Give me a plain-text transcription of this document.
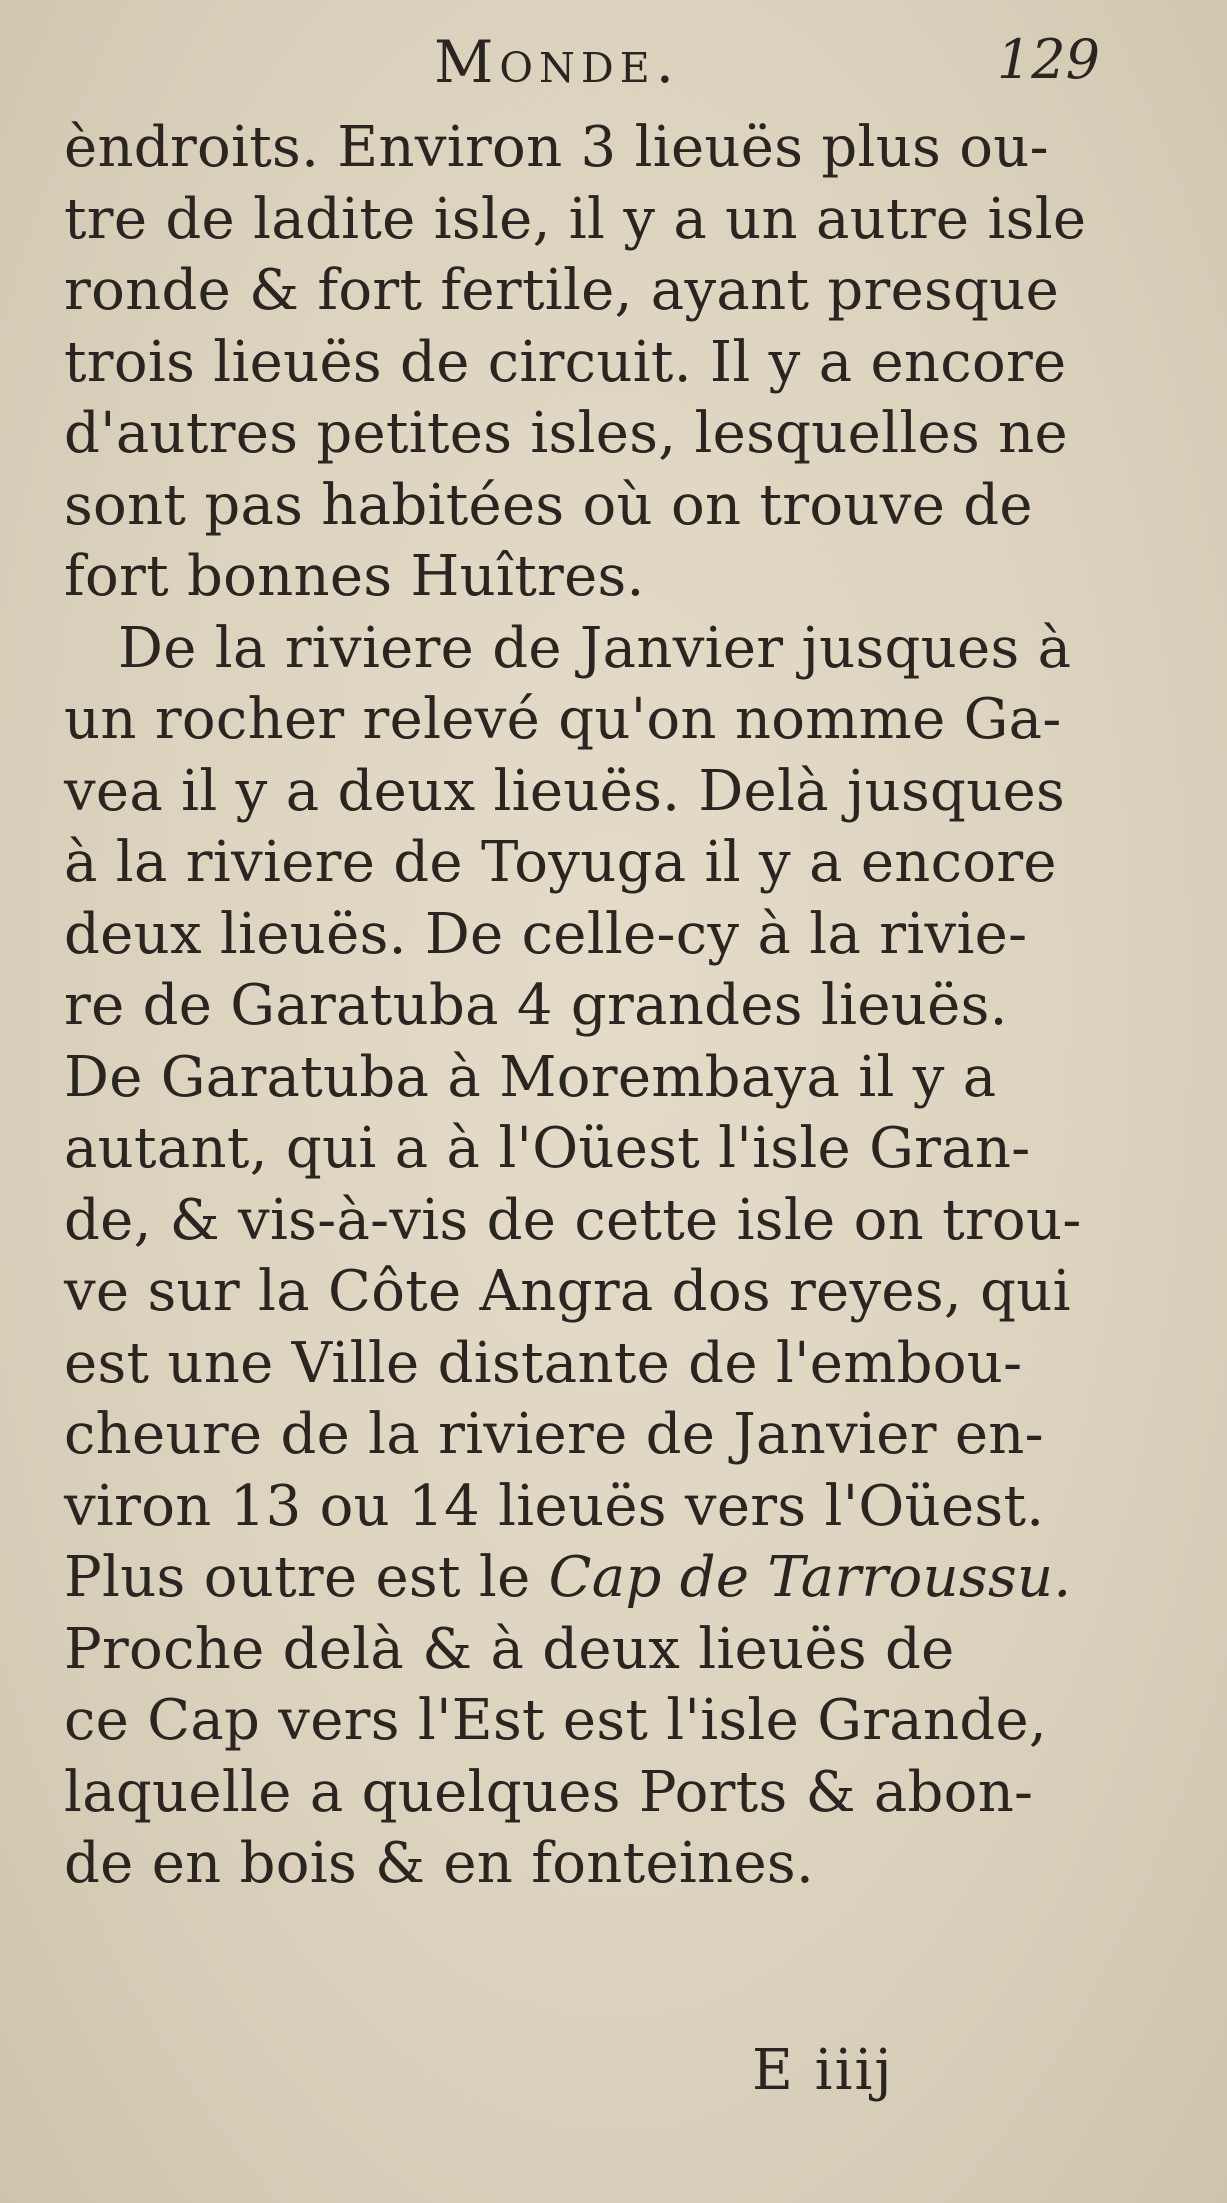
Monde.	129
èndroits. Environ 3 lieuës plus ou-
tre de ladite isle, il y a un autre isle
ronde & fort fertile, ayant presque
trois lieuës de circuit. Il y a encore
d'autres petites isles, lesquelles ne
sont pas habitées où on trouve de
fort bonnes Huîtres.
De la riviere de Janvier jusques à
un rocher relevé qu'on nomme Ga-
vea il y a deux lieuës. Delà jusques
à la riviere de Toyuga il y a encore
deux lieuës. De celle-cy à la rivie-
re de Garatuba 4 grandes lieuës.
De Garatuba à Morembaya il y a
autant, qui a à l'Oüest l'isle Gran-
de, & vis-à-vis de cette isle on trou-
ve sur la Côte Angra dos reyes, qui
est une Ville distante de l'embou-
cheure de la riviere de Janvier en-
viron 13 ou 14 lieuës vers l'Oüest.
Plus outre est le Cap de Tarroussu.
Proche delà & à deux lieuës de
ce Cap vers l'Est est l'isle Grande,
laquelle a quelques Ports & abon-
de en bois & en fonteines.
E iiij
